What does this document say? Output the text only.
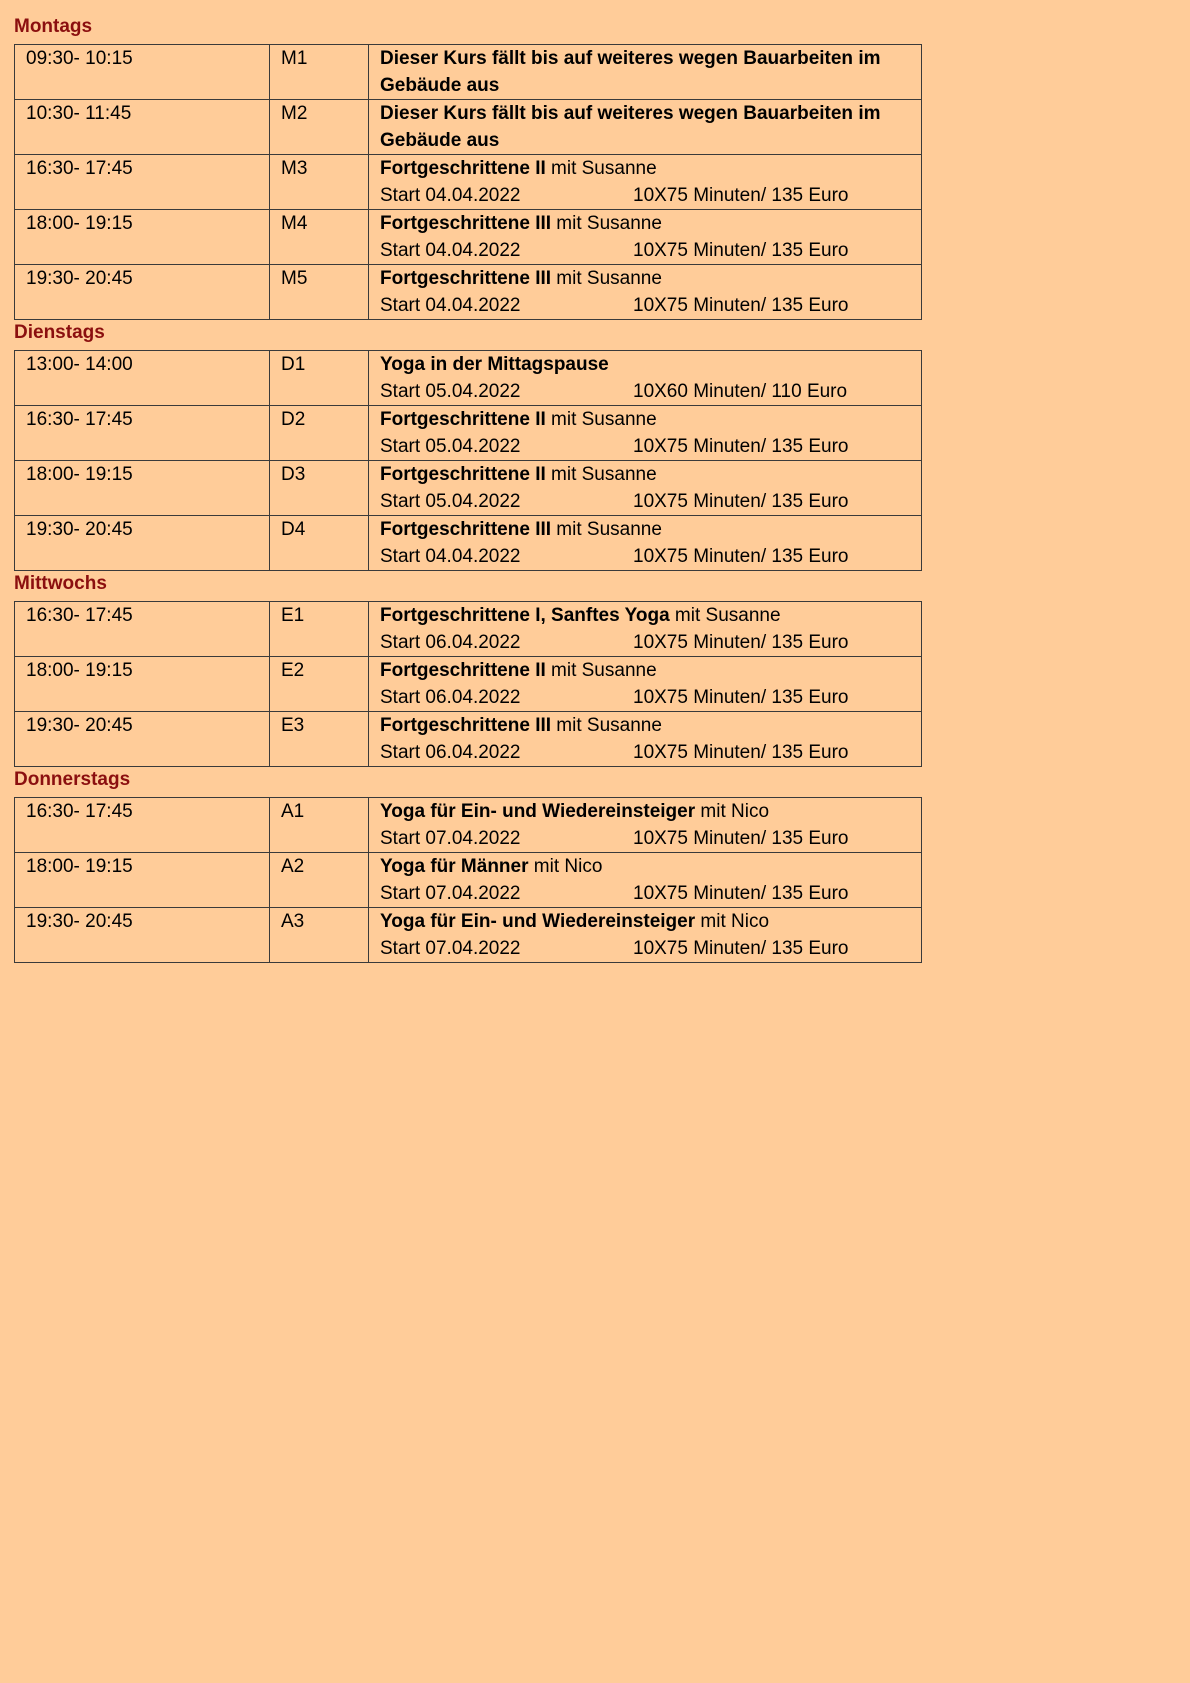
Montags
09:30- 10:15	M1	Dieser Kurs fällt bis auf weiteres wegen Bauarbeiten im Gebäude aus

10:30- 11:45	M2	Dieser Kurs fällt bis auf weiteres wegen Bauarbeiten im Gebäude aus

16:30- 17:45	M3	Fortgeschrittene II mit Susanne
Start 04.04.2022 10X75 Minuten/ 135 Euro

18:00- 19:15	M4	Fortgeschrittene III mit Susanne
Start 04.04.2022 10X75 Minuten/ 135 Euro

19:30- 20:45	M5	Fortgeschrittene III mit Susanne
Start 04.04.2022 10X75 Minuten/ 135 Euro
Dienstags
13:00- 14:00	D1	Yoga in der Mittagspause
Start 05.04.2022 10X60 Minuten/ 110 Euro

16:30- 17:45	D2	Fortgeschrittene II mit Susanne
Start 05.04.2022 10X75 Minuten/ 135 Euro

18:00- 19:15	D3	Fortgeschrittene II mit Susanne
Start 05.04.2022 10X75 Minuten/ 135 Euro

19:30- 20:45	D4	Fortgeschrittene III mit Susanne
Start 04.04.2022 10X75 Minuten/ 135 Euro
Mittwochs
16:30- 17:45	E1	Fortgeschrittene I, Sanftes Yoga mit Susanne
Start 06.04.2022 10X75 Minuten/ 135 Euro

18:00- 19:15	E2	Fortgeschrittene II mit Susanne
Start 06.04.2022 10X75 Minuten/ 135 Euro

19:30- 20:45	E3	Fortgeschrittene III mit Susanne
Start 06.04.2022 10X75 Minuten/ 135 Euro
Donnerstags
16:30- 17:45	A1	Yoga für Ein- und Wiedereinsteiger mit Nico
Start 07.04.2022 10X75 Minuten/ 135 Euro

18:00- 19:15	A2	Yoga für Männer mit Nico
Start 07.04.2022 10X75 Minuten/ 135 Euro

19:30- 20:45	A3	Yoga für Ein- und Wiedereinsteiger mit Nico
Start 07.04.2022 10X75 Minuten/ 135 Euro
